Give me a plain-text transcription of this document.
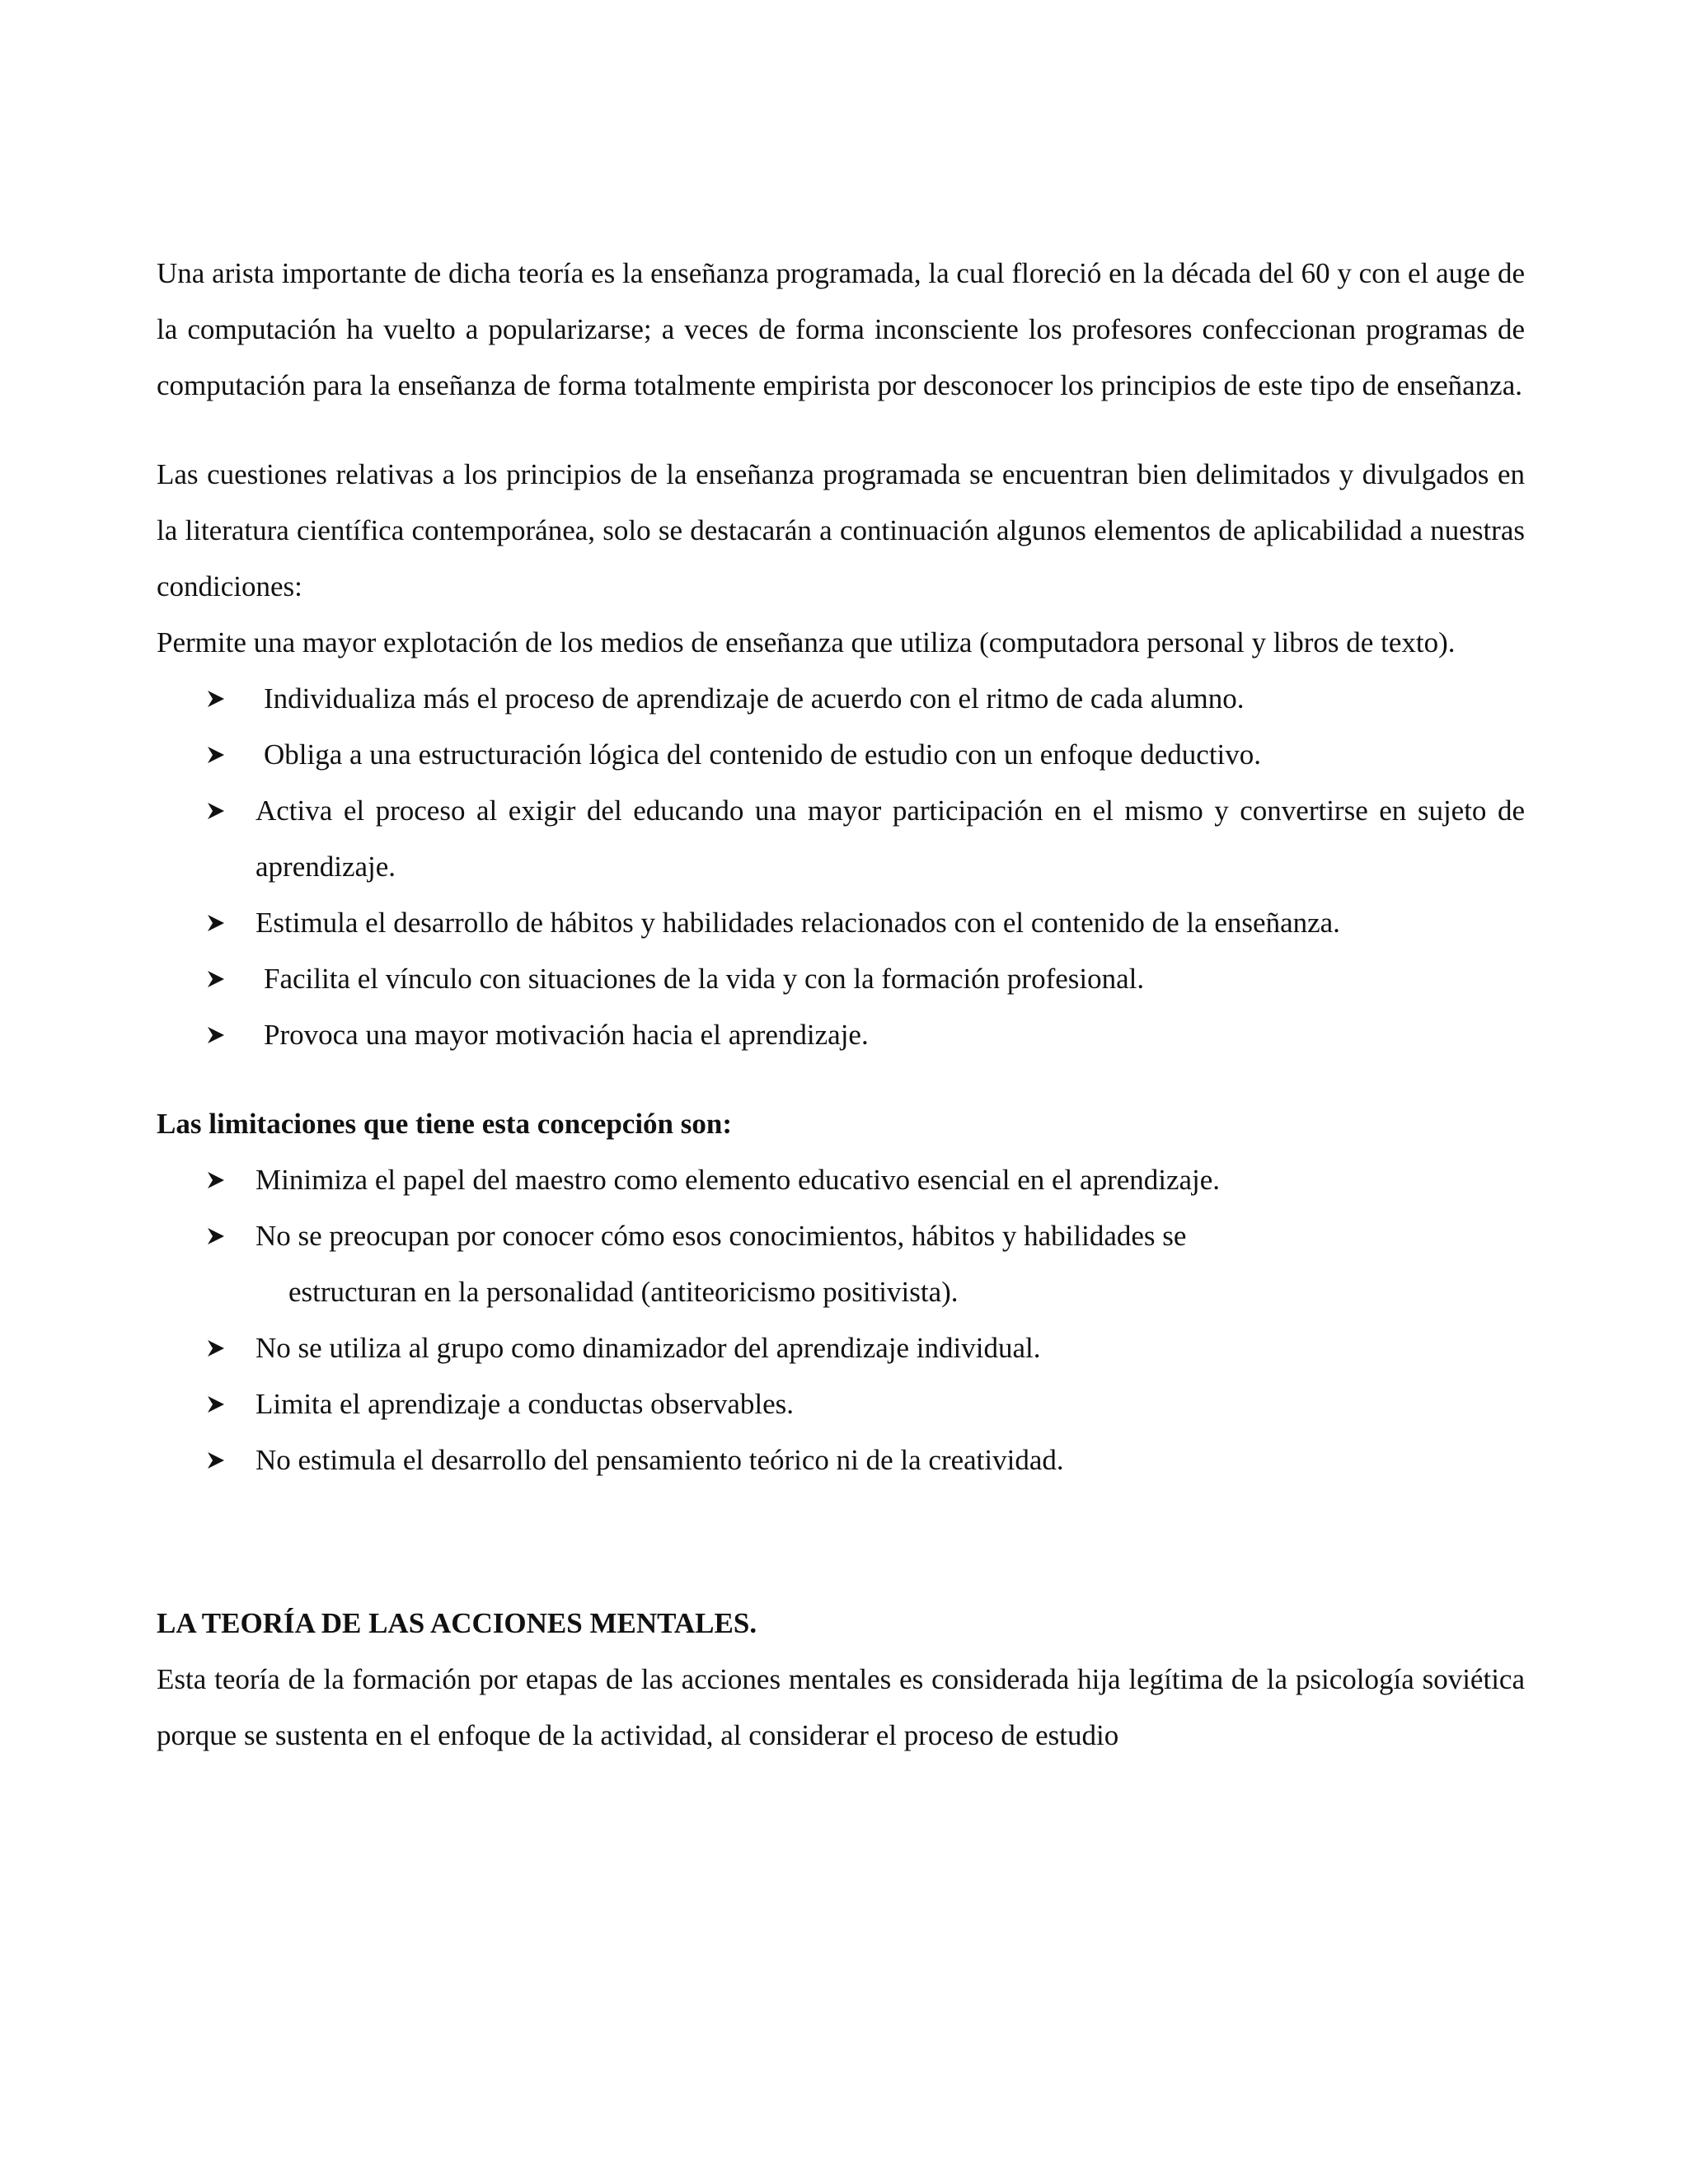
Una arista importante de dicha teoría es la enseñanza programada, la cual floreció en la década del 60 y con el auge de la computación ha vuelto a popularizarse; a veces de forma inconsciente los profesores confeccionan programas de computación para la enseñanza de forma totalmente empirista por desconocer los principios de este tipo de enseñanza.

Las cuestiones relativas a los principios de la enseñanza programada se encuentran bien delimitados y divulgados en la literatura científica contemporánea, solo se destacarán a continuación algunos elementos de aplicabilidad a nuestras condiciones:

Permite una mayor explotación de los medios de enseñanza que utiliza (computadora personal y libros de texto).

Individualiza más el proceso de aprendizaje de acuerdo con el ritmo de cada alumno.
Obliga a una estructuración lógica del contenido de estudio con un enfoque deductivo.
Activa el proceso al exigir del educando una mayor participación en el mismo y convertirse en sujeto de aprendizaje.
Estimula el desarrollo de hábitos y habilidades relacionados con el contenido de la enseñanza.
Facilita el vínculo con situaciones de la vida y con la formación profesional.
Provoca una mayor motivación hacia el aprendizaje.

Las limitaciones que tiene esta concepción son:

Minimiza el papel del maestro como elemento educativo esencial en el aprendizaje.
No se preocupan por conocer cómo esos conocimientos, hábitos y habilidades se
estructuran en la personalidad (antiteoricismo positivista).
No se utiliza al grupo como dinamizador del aprendizaje individual.
Limita el aprendizaje a conductas observables.
No estimula el desarrollo del pensamiento teórico ni de la creatividad.

LA TEORÍA DE LAS ACCIONES MENTALES.

Esta teoría de la formación por etapas de las acciones mentales es considerada hija legítima de la psicología soviética porque se sustenta en el enfoque de la actividad, al considerar el proceso de estudio
